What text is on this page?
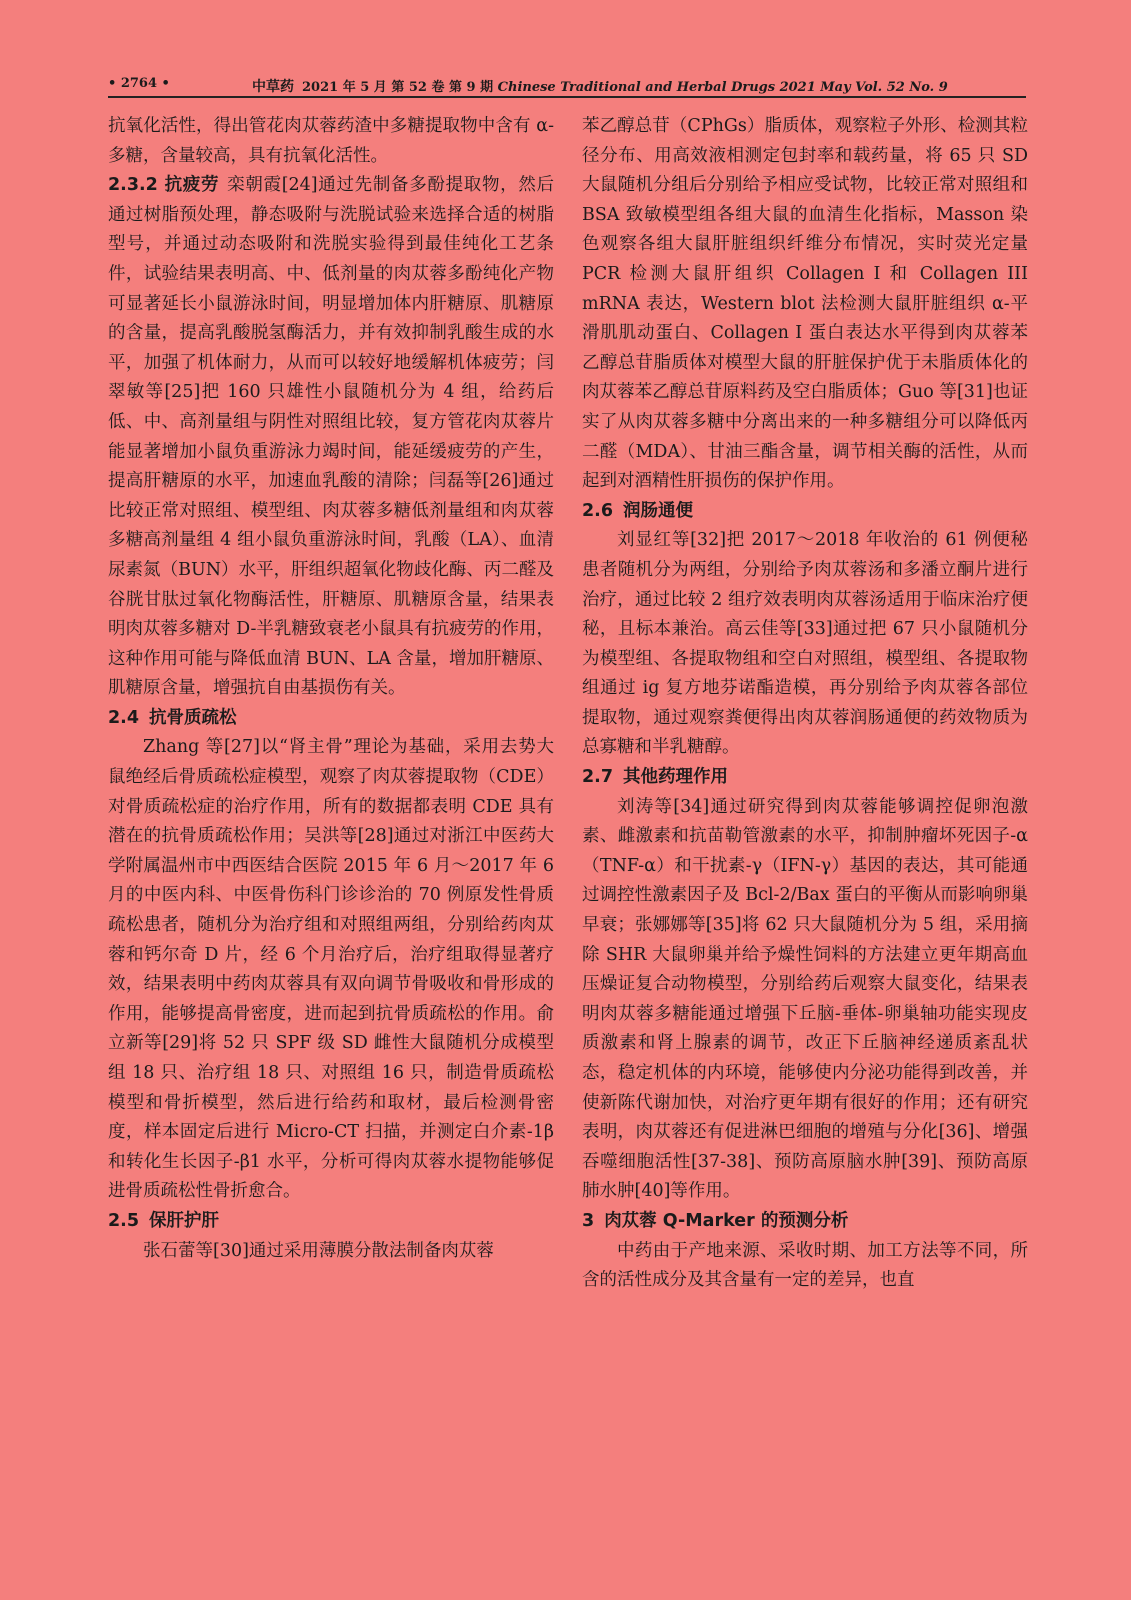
• 2764 •	中草药 2021 年 5 月 第 52 卷 第 9 期 Chinese Traditional and Herbal Drugs 2021 May Vol. 52 No. 9

抗氧化活性，得出管花肉苁蓉药渣中多糖提取物中含有 α-多糖，含量较高，具有抗氧化活性。

2.3.2 抗疲劳 栾朝霞[24]通过先制备多酚提取物，然后通过树脂预处理，静态吸附与洗脱试验来选择合适的树脂型号，并通过动态吸附和洗脱实验得到最佳纯化工艺条件，试验结果表明高、中、低剂量的肉苁蓉多酚纯化产物可显著延长小鼠游泳时间，明显增加体内肝糖原、肌糖原的含量，提高乳酸脱氢酶活力，并有效抑制乳酸生成的水平，加强了机体耐力，从而可以较好地缓解机体疲劳；闫翠敏等[25]把 160 只雄性小鼠随机分为 4 组，给药后低、中、高剂量组与阴性对照组比较，复方管花肉苁蓉片能显著增加小鼠负重游泳力竭时间，能延缓疲劳的产生，提高肝糖原的水平，加速血乳酸的清除；闫磊等[26]通过比较正常对照组、模型组、肉苁蓉多糖低剂量组和肉苁蓉多糖高剂量组 4 组小鼠负重游泳时间，乳酸（LA）、血清尿素氮（BUN）水平，肝组织超氧化物歧化酶、丙二醛及谷胱甘肽过氧化物酶活性，肝糖原、肌糖原含量，结果表明肉苁蓉多糖对 D-半乳糖致衰老小鼠具有抗疲劳的作用，这种作用可能与降低血清 BUN、LA 含量，增加肝糖原、肌糖原含量，增强抗自由基损伤有关。

2.4 抗骨质疏松

Zhang 等[27]以“肾主骨”理论为基础，采用去势大鼠绝经后骨质疏松症模型，观察了肉苁蓉提取物（CDE）对骨质疏松症的治疗作用，所有的数据都表明 CDE 具有潜在的抗骨质疏松作用；吴洪等[28]通过对浙江中医药大学附属温州市中西医结合医院 2015 年 6 月～2017 年 6 月的中医内科、中医骨伤科门诊诊治的 70 例原发性骨质疏松患者，随机分为治疗组和对照组两组，分别给药肉苁蓉和钙尔奇 D 片，经 6 个月治疗后，治疗组取得显著疗效，结果表明中药肉苁蓉具有双向调节骨吸收和骨形成的作用，能够提高骨密度，进而起到抗骨质疏松的作用。俞立新等[29]将 52 只 SPF 级 SD 雌性大鼠随机分成模型组 18 只、治疗组 18 只、对照组 16 只，制造骨质疏松模型和骨折模型，然后进行给药和取材，最后检测骨密度，样本固定后进行 Micro-CT 扫描，并测定白介素-1β 和转化生长因子-β1 水平，分析可得肉苁蓉水提物能够促进骨质疏松性骨折愈合。

2.5 保肝护肝

张石蕾等[30]通过采用薄膜分散法制备肉苁蓉

苯乙醇总苷（CPhGs）脂质体，观察粒子外形、检测其粒径分布、用高效液相测定包封率和载药量，将 65 只 SD 大鼠随机分组后分别给予相应受试物，比较正常对照组和 BSA 致敏模型组各组大鼠的血清生化指标，Masson 染色观察各组大鼠肝脏组织纤维分布情况，实时荧光定量 PCR 检测大鼠肝组织 Collagen I 和 Collagen III mRNA 表达，Western blot 法检测大鼠肝脏组织 α-平滑肌肌动蛋白、Collagen I 蛋白表达水平得到肉苁蓉苯乙醇总苷脂质体对模型大鼠的肝脏保护优于未脂质体化的肉苁蓉苯乙醇总苷原料药及空白脂质体；Guo 等[31]也证实了从肉苁蓉多糖中分离出来的一种多糖组分可以降低丙二醛（MDA）、甘油三酯含量，调节相关酶的活性，从而起到对酒精性肝损伤的保护作用。

2.6 润肠通便

刘显红等[32]把 2017～2018 年收治的 61 例便秘患者随机分为两组，分别给予肉苁蓉汤和多潘立酮片进行治疗，通过比较 2 组疗效表明肉苁蓉汤适用于临床治疗便秘，且标本兼治。高云佳等[33]通过把 67 只小鼠随机分为模型组、各提取物组和空白对照组，模型组、各提取物组通过 ig 复方地芬诺酯造模，再分别给予肉苁蓉各部位提取物，通过观察粪便得出肉苁蓉润肠通便的药效物质为总寡糖和半乳糖醇。

2.7 其他药理作用

刘涛等[34]通过研究得到肉苁蓉能够调控促卵泡激素、雌激素和抗苗勒管激素的水平，抑制肿瘤坏死因子-α（TNF-α）和干扰素-γ（IFN-γ）基因的表达，其可能通过调控性激素因子及 Bcl-2/Bax 蛋白的平衡从而影响卵巢早衰；张娜娜等[35]将 62 只大鼠随机分为 5 组，采用摘除 SHR 大鼠卵巢并给予燥性饲料的方法建立更年期高血压燥证复合动物模型，分别给药后观察大鼠变化，结果表明肉苁蓉多糖能通过增强下丘脑-垂体-卵巢轴功能实现皮质激素和肾上腺素的调节，改正下丘脑神经递质紊乱状态，稳定机体的内环境，能够使内分泌功能得到改善，并使新陈代谢加快，对治疗更年期有很好的作用；还有研究表明，肉苁蓉还有促进淋巴细胞的增殖与分化[36]、增强吞噬细胞活性[37-38]、预防高原脑水肿[39]、预防高原肺水肿[40]等作用。

3 肉苁蓉 Q-Marker 的预测分析

中药由于产地来源、采收时期、加工方法等不同，所含的活性成分及其含量有一定的差异，也直
